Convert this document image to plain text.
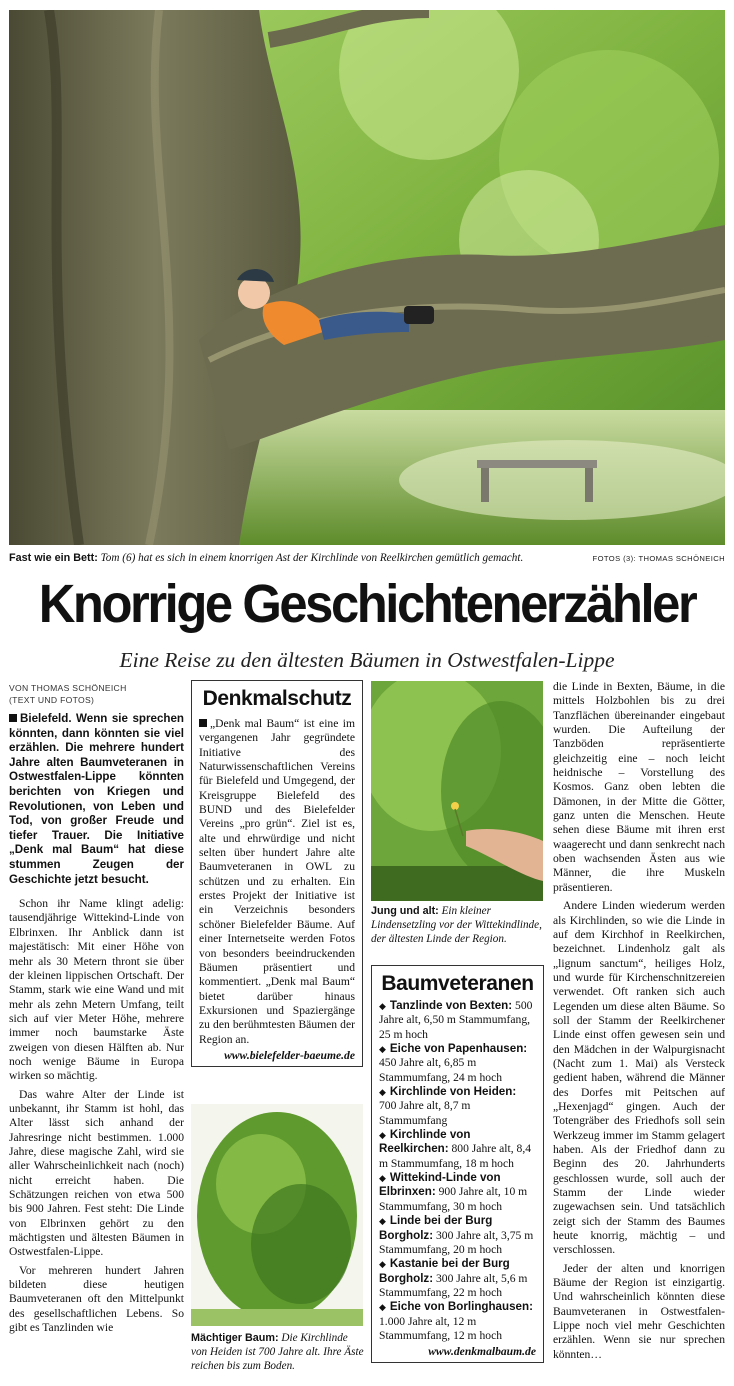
Fast wie ein Bett: Tom (6) hat es sich in einem knorrigen Ast der Kirchlinde von Reelkirchen gemütlich gemacht.	FOTOS (3): THOMAS SCHÖNEICH
Knorrige Geschichtenerzähler
Eine Reise zu den ältesten Bäumen in Ostwestfalen-Lippe
VON THOMAS SCHÖNEICH
(TEXT UND FOTOS)
Bielefeld. Wenn sie sprechen könnten, dann könnten sie viel erzählen. Die mehrere hundert Jahre alten Baumveteranen in Ostwestfalen-Lippe könnten berichten von Kriegen und Revolutionen, von Leben und Tod, von großer Freude und tiefer Trauer. Die Initiative „Denk mal Baum“ hat diese stummen Zeugen der Geschichte jetzt besucht.

Schon ihr Name klingt adelig: tausendjährige Wittekind-Linde von Elbrinxen. Ihr Anblick dann ist majestätisch: Mit einer Höhe von mehr als 30 Metern thront sie über der kleinen lippischen Ortschaft. Der Stamm, stark wie eine Wand und mit mehr als zehn Metern Umfang, teilt sich auf vier Meter Höhe, mehrere immer noch baumstarke Äste zweigen von diesen Hälften ab. Nur noch wenige Bäume in Europa wirken so mächtig.

Das wahre Alter der Linde ist unbekannt, ihr Stamm ist hohl, das Alter lässt sich anhand der Jahresringe nicht bestimmen. 1.000 Jahre, diese magische Zahl, wird sie aller Wahrscheinlichkeit nach (noch) nicht erreicht haben. Die Schätzungen reichen von etwa 500 bis 900 Jahren. Fest steht: Die Linde von Elbrinxen gehört zu den mächtigsten und ältesten Bäumen in Ostwestfalen-Lippe.

Vor mehreren hundert Jahren bildeten diese heutigen Baumveteranen oft den Mittelpunkt des gesellschaftlichen Lebens. So gibt es Tanzlinden wie

Denkmalschutz
„Denk mal Baum“ ist eine im vergangenen Jahr gegründete Initiative des Naturwissenschaftlichen Vereins für Bielefeld und Umgegend, der Kreisgruppe Bielefeld des BUND und des Bielefelder Vereins „pro grün“. Ziel ist es, alte und ehrwürdige und nicht selten über hundert Jahre alte Baumveteranen in OWL zu schützen und zu erhalten. Ein erstes Projekt der Initiative ist ein Verzeichnis besonders schöner Bielefelder Bäume. Auf einer Internetseite werden Fotos von besonders beeindruckenden Bäumen präsentiert und kommentiert. „Denk mal Baum“ bietet darüber hinaus Exkursionen und Spaziergänge zu den berühmtesten Bäumen der Region an.
www.bielefelder-baeume.de
Mächtiger Baum: Die Kirchlinde von Heiden ist 700 Jahre alt. Ihre Äste reichen bis zum Boden.
Jung und alt: Ein kleiner Lindensetzling vor der Wittekindlinde, der ältesten Linde der Region.
Baumveteranen
◆ Tanzlinde von Bexten: 500 Jahre alt, 6,50 m Stammumfang, 25 m hoch
◆ Eiche von Papenhausen: 450 Jahre alt, 6,85 m Stammumfang, 24 m hoch
◆ Kirchlinde von Heiden: 700 Jahre alt, 8,7 m Stammumfang
◆ Kirchlinde von Reelkirchen: 800 Jahre alt, 8,4 m Stammumfang, 18 m hoch
◆ Wittekind-Linde von Elbrinxen: 900 Jahre alt, 10 m Stammumfang, 30 m hoch
◆ Linde bei der Burg Borgholz: 300 Jahre alt, 3,75 m Stammumfang, 20 m hoch
◆ Kastanie bei der Burg Borgholz: 300 Jahre alt, 5,6 m Stammumfang, 22 m hoch
◆ Eiche von Borlinghausen: 1.000 Jahre alt, 12 m Stammumfang, 12 m hoch
www.denkmalbaum.de

die Linde in Bexten, Bäume, in die mittels Holzbohlen bis zu drei Tanzflächen übereinander eingebaut wurden. Die Aufteilung der Tanzböden repräsentierte gleichzeitig eine – noch leicht heidnische – Vorstellung des Kosmos. Ganz oben lebten die Dämonen, in der Mitte die Götter, ganz unten die Menschen. Heute sehen diese Bäume mit ihren erst waagerecht und dann senkrecht nach oben wachsenden Ästen aus wie Männer, die ihre Muskeln präsentieren.

Andere Linden wiederum werden als Kirchlinden, so wie die Linde in auf dem Kirchhof in Reelkirchen, bezeichnet. Lindenholz galt als „lignum sanctum“, heiliges Holz, und wurde für Kirchenschnitzereien verwendet. Oft ranken sich auch Legenden um diese alten Bäume. So soll der Stamm der Reelkirchener Linde einst offen gewesen sein und den Mädchen in der Walpurgisnacht (Nacht zum 1. Mai) als Versteck gedient haben, während die Männer des Dorfes mit Peitschen auf „Hexenjagd“ gingen. Auch der Totengräber des Friedhofs soll sein Werkzeug immer im Stamm gelagert haben. Als der Friedhof dann zu Beginn des 20. Jahrhunderts geschlossen wurde, soll auch der Stamm der Linde wieder zugewachsen sein. Und tatsächlich zeigt sich der Stamm des Baumes heute knorrig, mächtig – und verschlossen.

Jeder der alten und knorrigen Bäume der Region ist einzigartig. Und wahrscheinlich könnten diese Baumveteranen in Ostwestfalen-Lippe noch viel mehr Geschichten erzählen. Wenn sie nur sprechen könnten…
